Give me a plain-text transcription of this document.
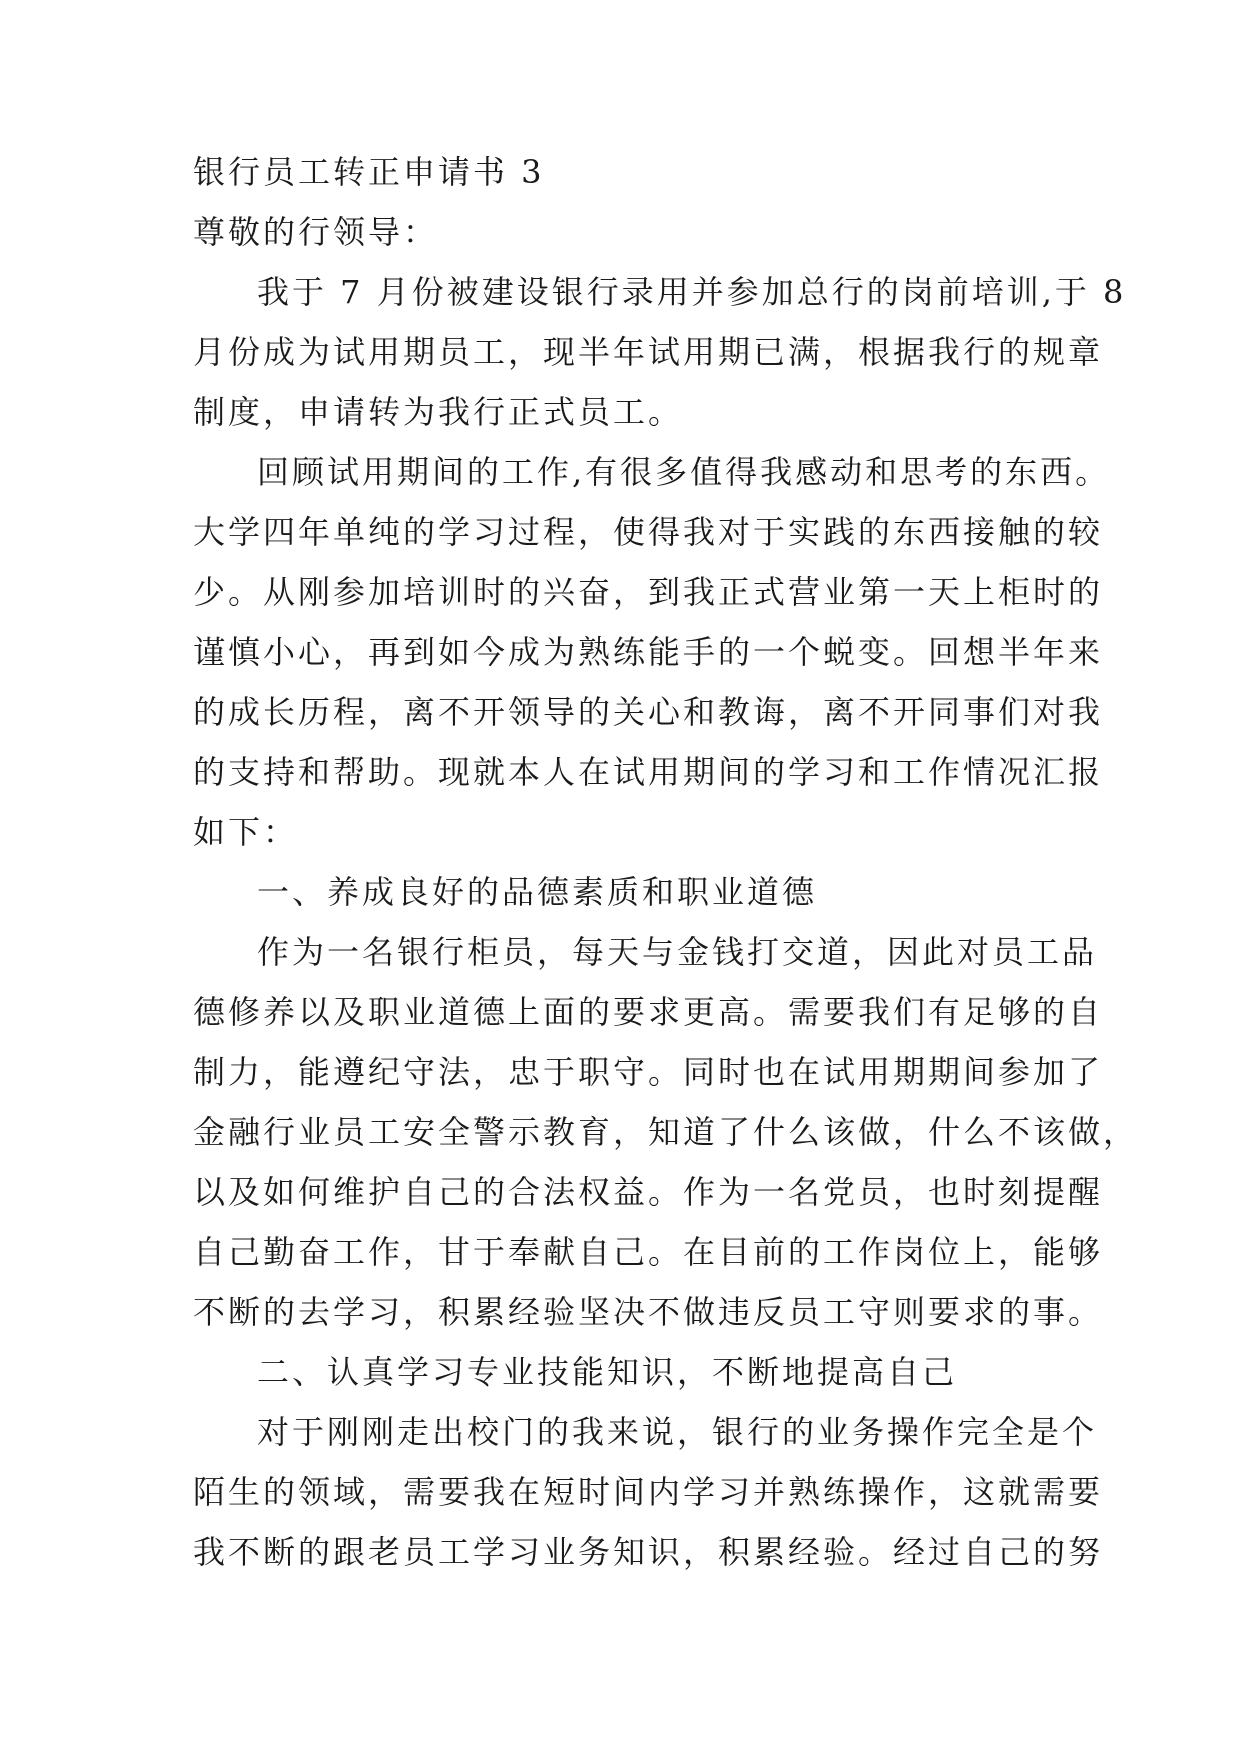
银行员工转正申请书 3
尊敬的行领导：
我于 7 月份被建设银行录用并参加总行的岗前培训,于 8
月份成为试用期员工，现半年试用期已满，根据我行的规章
制度，申请转为我行正式员工。
回顾试用期间的工作,有很多值得我感动和思考的东西。
大学四年单纯的学习过程，使得我对于实践的东西接触的较
少。从刚参加培训时的兴奋，到我正式营业第一天上柜时的
谨慎小心，再到如今成为熟练能手的一个蜕变。回想半年来
的成长历程，离不开领导的关心和教诲，离不开同事们对我
的支持和帮助。现就本人在试用期间的学习和工作情况汇报
如下：
一、养成良好的品德素质和职业道德
作为一名银行柜员，每天与金钱打交道，因此对员工品
德修养以及职业道德上面的要求更高。需要我们有足够的自
制力，能遵纪守法，忠于职守。同时也在试用期期间参加了
金融行业员工安全警示教育，知道了什么该做，什么不该做，
以及如何维护自己的合法权益。作为一名党员，也时刻提醒
自己勤奋工作，甘于奉献自己。在目前的工作岗位上，能够
不断的去学习，积累经验坚决不做违反员工守则要求的事。
二、认真学习专业技能知识，不断地提高自己
对于刚刚走出校门的我来说，银行的业务操作完全是个
陌生的领域，需要我在短时间内学习并熟练操作，这就需要
我不断的跟老员工学习业务知识，积累经验。经过自己的努
